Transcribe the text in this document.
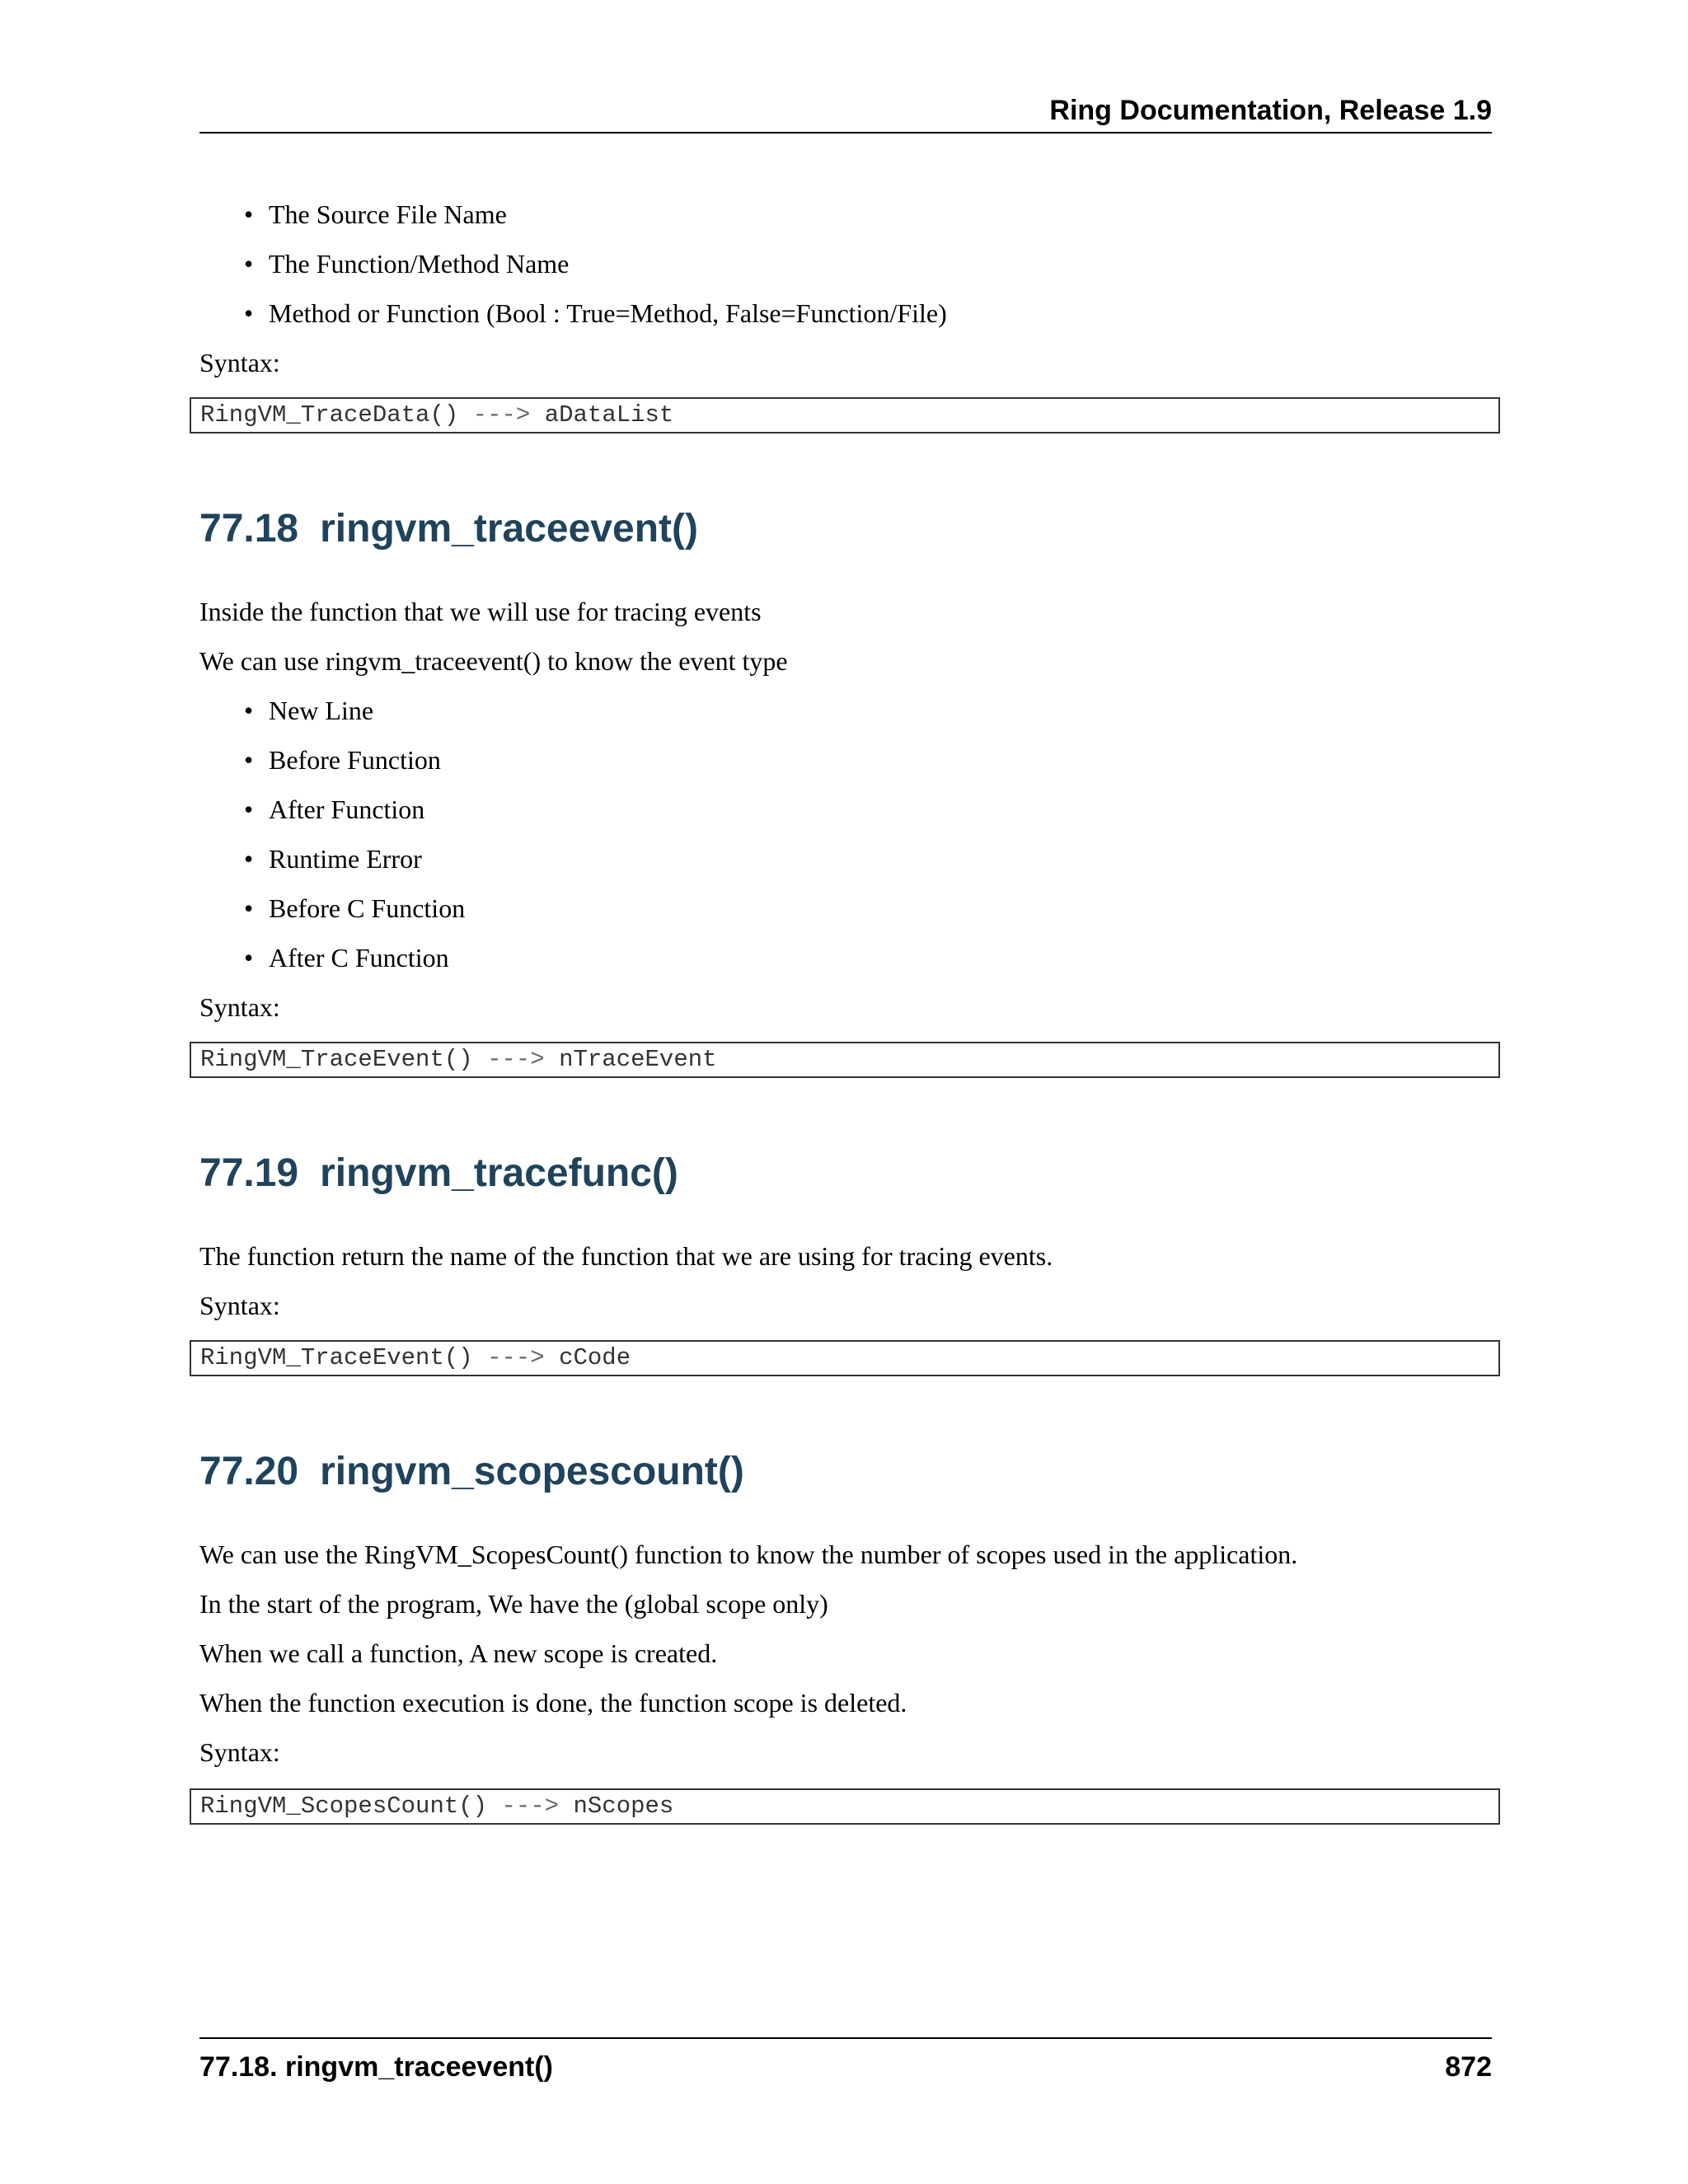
Ring Documentation, Release 1.9
• The Source File Name
• The Function/Method Name
• Method or Function (Bool : True=Method, False=Function/File)
Syntax:
RingVM_TraceData() ---> aDataList
77.18 ringvm_traceevent()
Inside the function that we will use for tracing events
We can use ringvm_traceevent() to know the event type
• New Line
• Before Function
• After Function
• Runtime Error
• Before C Function
• After C Function
Syntax:
RingVM_TraceEvent() ---> nTraceEvent
77.19 ringvm_tracefunc()
The function return the name of the function that we are using for tracing events.
Syntax:
RingVM_TraceEvent() ---> cCode
77.20 ringvm_scopescount()
We can use the RingVM_ScopesCount() function to know the number of scopes used in the application.
In the start of the program, We have the (global scope only)
When we call a function, A new scope is created.
When the function execution is done, the function scope is deleted.
Syntax:
RingVM_ScopesCount() ---> nScopes
77.18. ringvm_traceevent()	872
